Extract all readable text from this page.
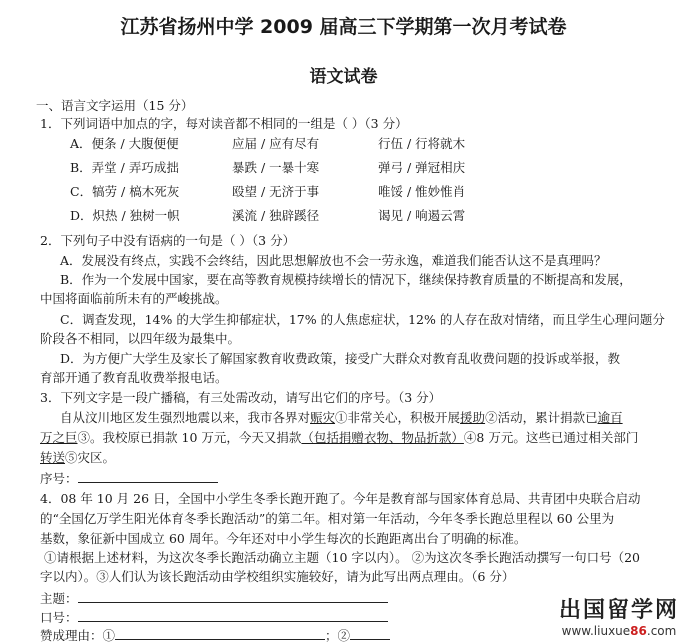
江苏省扬州中学 2009 届高三下学期第一次月考试卷
语文试卷
一、语言文字运用（15 分）
1．下列词语中加点的字，每对读音都不相同的一组是（ ）（3 分）
A．便条 / 大腹便便	应届 / 应有尽有	行伍 / 行将就木
B．弄堂 / 弄巧成拙	暴跌 / 一暴十寒	弹弓 / 弹冠相庆
C．犒劳 / 槁木死灰	殴望 / 无济于事	唯馁 / 惟妙惟肖
D．炽热 / 独树一帜	溪流 / 独辟蹊径	谒见 / 响遏云霄
2．下列句子中没有语病的一句是（ ）（3 分）
A．发展没有终点，实践不会终结，因此思想解放也不会一劳永逸，难道我们能否认这不是真理吗？
B．作为一个发展中国家，要在高等教育规模持续增长的情况下，继续保持教育质量的不断提高和发展，
中国将面临前所未有的严峻挑战。
C．调查发现，14% 的大学生抑郁症状，17% 的人焦虑症状，12% 的人存在敌对情绪，而且学生心理问题分
阶段各不相同，以四年级为最集中。
D．为方便广大学生及家长了解国家教育收费政策，接受广大群众对教育乱收费问题的投诉或举报，教
育部开通了教育乱收费举报电话。
3．下列文字是一段广播稿，有三处需改动，请写出它们的序号。（3 分）
自从汶川地区发生强烈地震以来，我市各界对赈灾①非常关心，积极开展援助②活动，累计捐款已逾百
万之巨③。我校原已捐款 10 万元，今天又捐款（包括捐赠衣物、物品折款）④8 万元。这些已通过相关部门
转送⑤灾区。
序号：
4．08 年 10 月 26 日，全国中小学生冬季长跑开跑了。今年是教育部与国家体育总局、共青团中央联合启动
的“全国亿万学生阳光体育冬季长跑活动”的第二年。相对第一年活动，今年冬季长跑总里程以 60 公里为
基数，象征新中国成立 60 周年。今年还对中小学生每次的长跑距离出台了明确的标准。
①请根据上述材料，为这次冬季长跑活动确立主题（10 字以内）。 ②为这次冬季长跑活动撰写一句口号（20
字以内）。③人们认为该长跑活动由学校组织实施较好，请为此写出两点理由。（6 分）
主题：
口号：
赞成理由：①	；②
出国留学网
www.liuxue86.com
